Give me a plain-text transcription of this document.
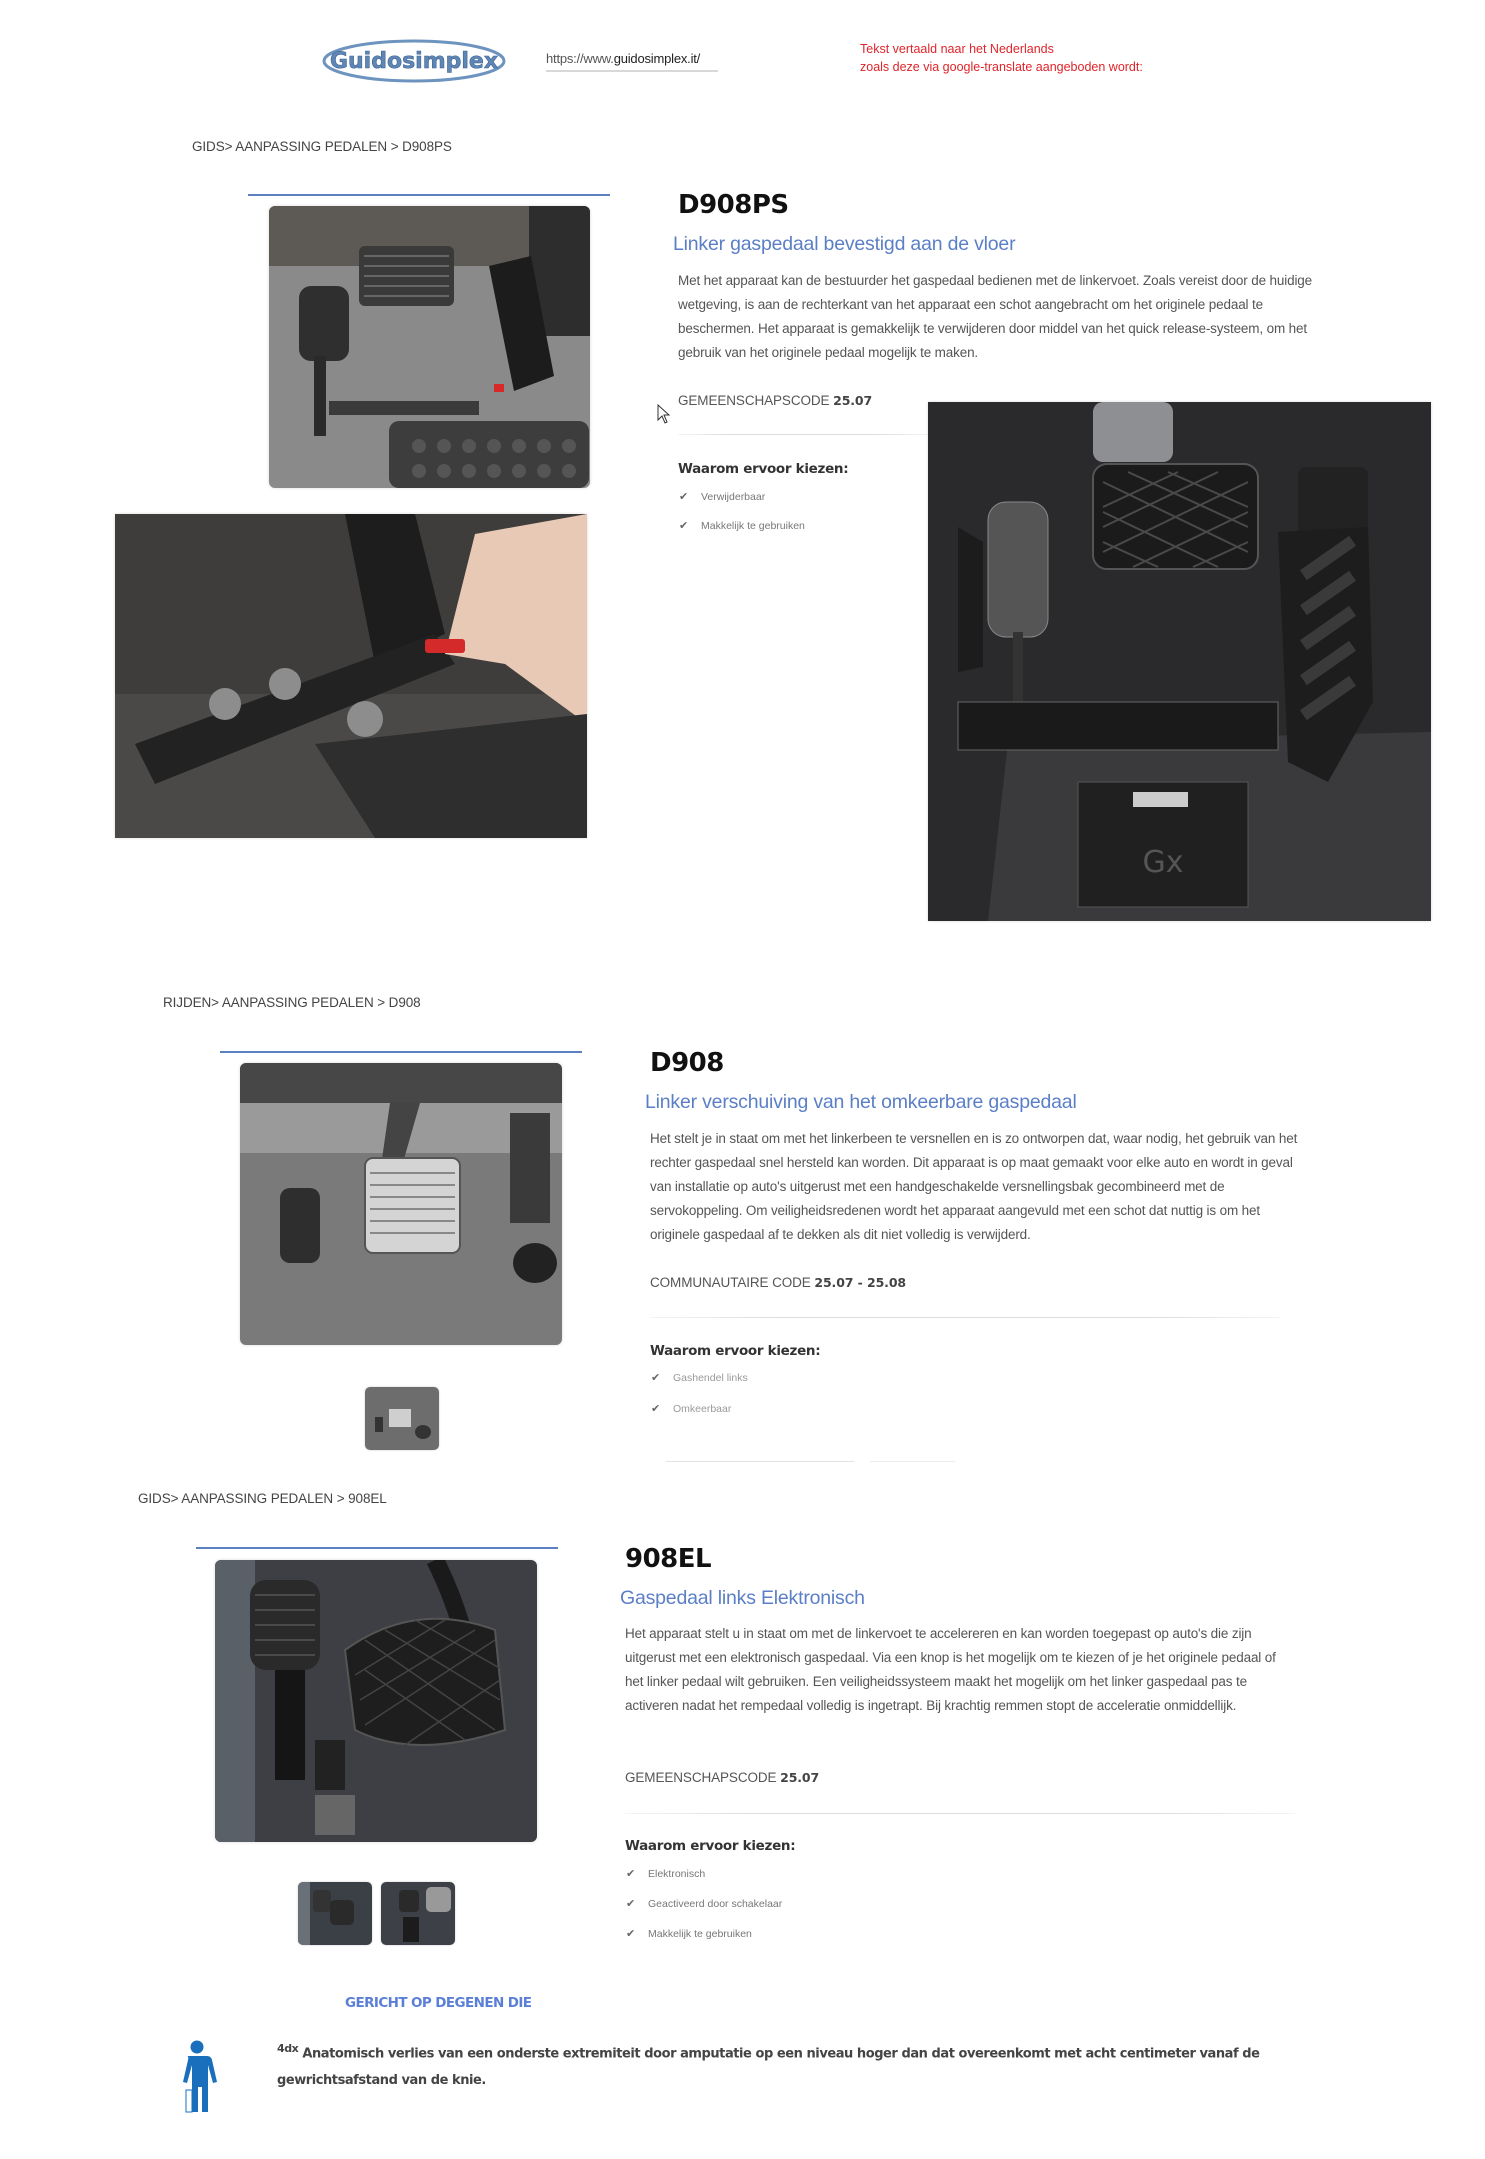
Guidosimplex	https://www.guidosimplex.it/
Tekst vertaald naar het Nederlands
zoals deze via google-translate aangeboden wordt:
GIDS> AANPASSING PEDALEN > D908PS
D908PS
Linker gaspedaal bevestigd aan de vloer
Met het apparaat kan de bestuurder het gaspedaal bedienen met de linkervoet. Zoals vereist door de huidige wetgeving, is aan de rechterkant van het apparaat een schot aangebracht om het originele pedaal te beschermen. Het apparaat is gemakkelijk te verwijderen door middel van het quick release-systeem, om het gebruik van het originele pedaal mogelijk te maken.
GEMEENSCHAPSCODE 25.07
Waarom ervoor kiezen:
✔ Verwijderbaar
✔ Makkelijk te gebruiken
Gx
RIJDEN> AANPASSING PEDALEN > D908
D908
Linker verschuiving van het omkeerbare gaspedaal
Het stelt je in staat om met het linkerbeen te versnellen en is zo ontworpen dat, waar nodig, het gebruik van het rechter gaspedaal snel hersteld kan worden. Dit apparaat is op maat gemaakt voor elke auto en wordt in geval van installatie op auto's uitgerust met een handgeschakelde versnellingsbak gecombineerd met de servokoppeling. Om veiligheidsredenen wordt het apparaat aangevuld met een schot dat nuttig is om het originele gaspedaal af te dekken als dit niet volledig is verwijderd.
COMMUNAUTAIRE CODE 25.07 - 25.08
Waarom ervoor kiezen:
✔ Gashendel links
✔ Omkeerbaar
GIDS> AANPASSING PEDALEN > 908EL
908EL
Gaspedaal links Elektronisch
Het apparaat stelt u in staat om met de linkervoet te accelereren en kan worden toegepast op auto's die zijn uitgerust met een elektronisch gaspedaal. Via een knop is het mogelijk om te kiezen of je het originele pedaal of het linker pedaal wilt gebruiken. Een veiligheidssysteem maakt het mogelijk om het linker gaspedaal pas te activeren nadat het rempedaal volledig is ingetrapt. Bij krachtig remmen stopt de acceleratie onmiddellijk.
GEMEENSCHAPSCODE 25.07
Waarom ervoor kiezen:
✔ Elektronisch
✔ Geactiveerd door schakelaar
✔ Makkelijk te gebruiken
GERICHT OP DEGENEN DIE
$^{4dx}$ Anatomisch verlies van een onderste extremiteit door amputatie op een niveau hoger dan dat overeenkomt met acht centimeter vanaf de gewrichtsafstand van de knie.
